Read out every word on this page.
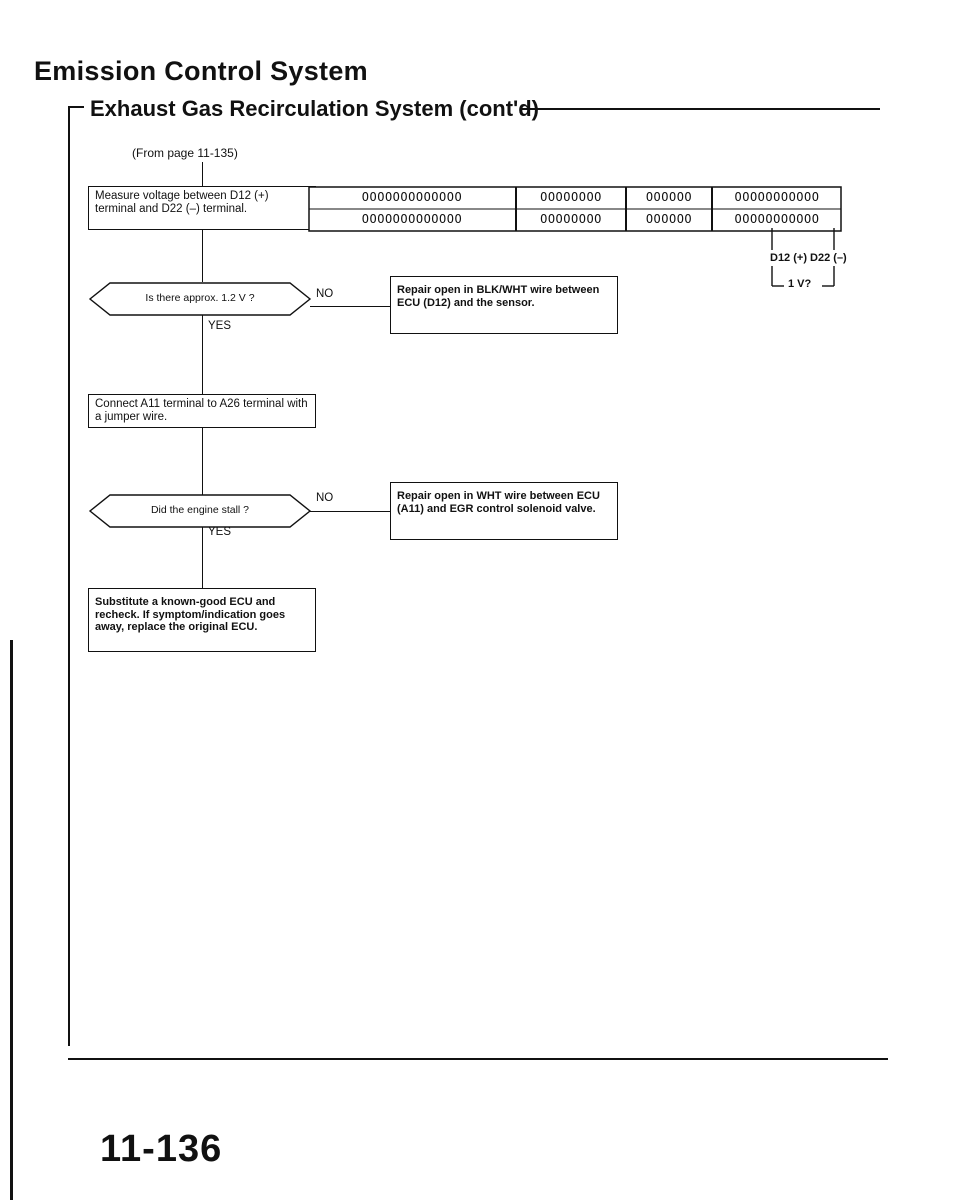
Emission Control System
Exhaust Gas Recirculation System (cont'd)
(From page 11-135)
Measure voltage between D12 (+) terminal and D22 (–) terminal.
Is there approx. 1.2 V ?	NO
YES
Repair open in BLK/WHT wire between ECU (D12) and the sensor.
Connect A11 terminal to A26 terminal with a jumper wire.
Did the engine stall ?
NO
YES
Repair open in WHT wire between ECU (A11) and EGR control solenoid valve.
Substitute a known-good ECU and recheck. If symptom/indication goes away, replace the original ECU.
OOOOOOOOOOOOO
OOOOOOOOOOOOO
OOOOOOOO
OOOOOOOO
OOOOOO
OOOOOO
OOOOOOOOOOO
OOOOOOOOOOO
D12 (+) D22 (–)
1 V?
11-136
